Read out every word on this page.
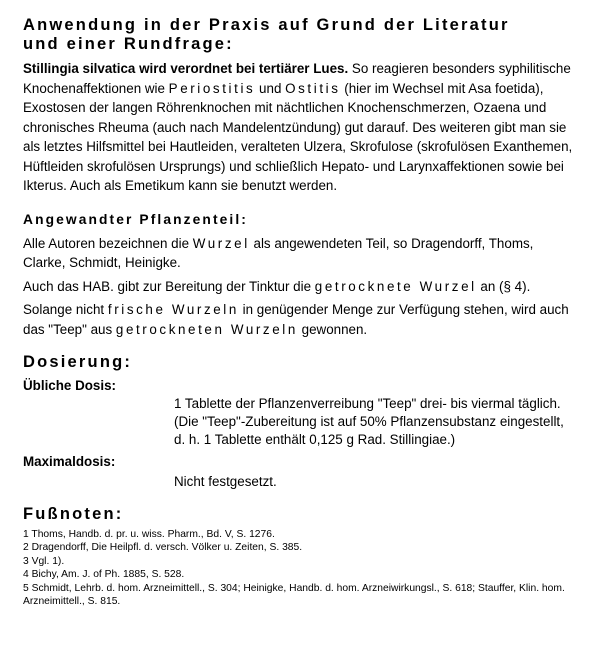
Anwendung in der Praxis auf Grund der Literatur
und einer Rundfrage:

Stillingia silvatica wird verordnet bei tertiärer Lues. So reagieren besonders syphilitische Knochenaffektionen wie Periostitis und Ostitis (hier im Wechsel mit Asa foetida), Exostosen der langen Röhrenknochen mit nächtlichen Knochenschmerzen, Ozaena und chronisches Rheuma (auch nach Mandelentzündung) gut darauf. Des weiteren gibt man sie als letztes Hilfsmittel bei Hautleiden, veralteten Ulzera, Skrofulose (skrofulösen Exanthemen, Hüftleiden skrofulösen Ursprungs) und schließlich Hepato- und Larynxaffektionen sowie bei Ikterus. Auch als Emetikum kann sie benutzt werden.

Angewandter Pflanzenteil:

Alle Autoren bezeichnen die Wurzel als angewendeten Teil, so Dragendorff, Thoms, Clarke, Schmidt, Heinigke.

Auch das HAB. gibt zur Bereitung der Tinktur die getrocknete Wurzel an (§ 4).

Solange nicht frische Wurzeln in genügender Menge zur Verfügung stehen, wird auch das "Teep" aus getrockneten Wurzeln gewonnen.

Dosierung:

Übliche Dosis:

1 Tablette der Pflanzenverreibung "Teep" drei- bis viermal täglich.

(Die "Teep"-Zubereitung ist auf 50% Pflanzensubstanz eingestellt, d. h. 1 Tablette enthält 0,125 g Rad. Stillingiae.)

Maximaldosis:

Nicht festgesetzt.

Fußnoten:

1 Thoms, Handb. d. pr. u. wiss. Pharm., Bd. V, S. 1276.
2 Dragendorff, Die Heilpfl. d. versch. Völker u. Zeiten, S. 385.
3 Vgl. 1).
4 Bichy, Am. J. of Ph. 1885, S. 528.
5 Schmidt, Lehrb. d. hom. Arzneimittell., S. 304; Heinigke, Handb. d. hom. Arzneiwirkungsl., S. 618; Stauffer, Klin. hom. Arzneimittell., S. 815.
